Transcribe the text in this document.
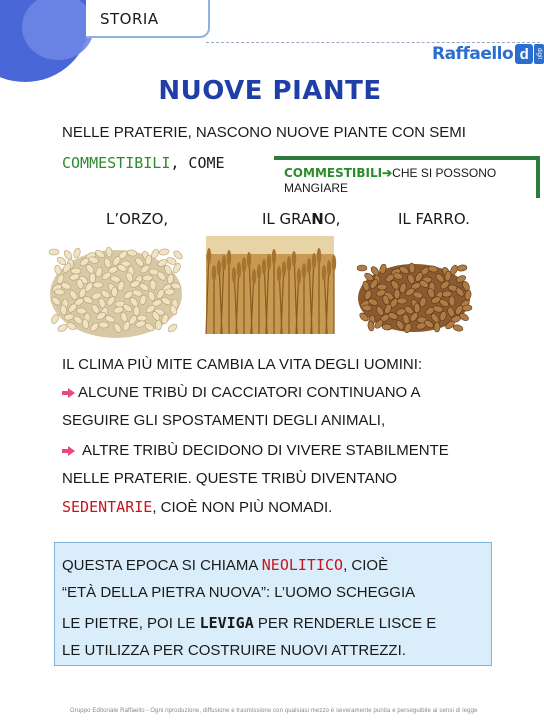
STORIA
Raffaello d	digit
NUOVE PIANTE
NELLE PRATERIE, NASCONO NUOVE PIANTE CON SEMI
COMMESTIBILI, COME
COMMESTIBILI➔CHE SI POSSONO
MANGIARE
L’ORZO,	IL GRANO,	IL FARRO.
IL CLIMA PIÙ MITE CAMBIA LA VITA DEGLI UOMINI:
ALCUNE TRIBÙ DI CACCIATORI CONTINUANO A
SEGUIRE GLI SPOSTAMENTI DEGLI ANIMALI,
ALTRE TRIBÙ DECIDONO DI VIVERE STABILMENTE
NELLE PRATERIE. QUESTE TRIBÙ DIVENTANO
SEDENTARIE, CIOÈ NON PIÙ NOMADI.
QUESTA EPOCA SI CHIAMA NEOLITICO, CIOÈ
“ETÀ DELLA PIETRA NUOVA”: L’UOMO SCHEGGIA
LE PIETRE, POI LE LEVIGA PER RENDERLE LISCE E
LE UTILIZZA PER COSTRUIRE NUOVI ATTREZZI.
Gruppo Editoriale Raffaello - Ogni riproduzione, diffusione e trasmissione con qualsiasi mezzo è severamente punita e perseguibile ai sensi di legge
